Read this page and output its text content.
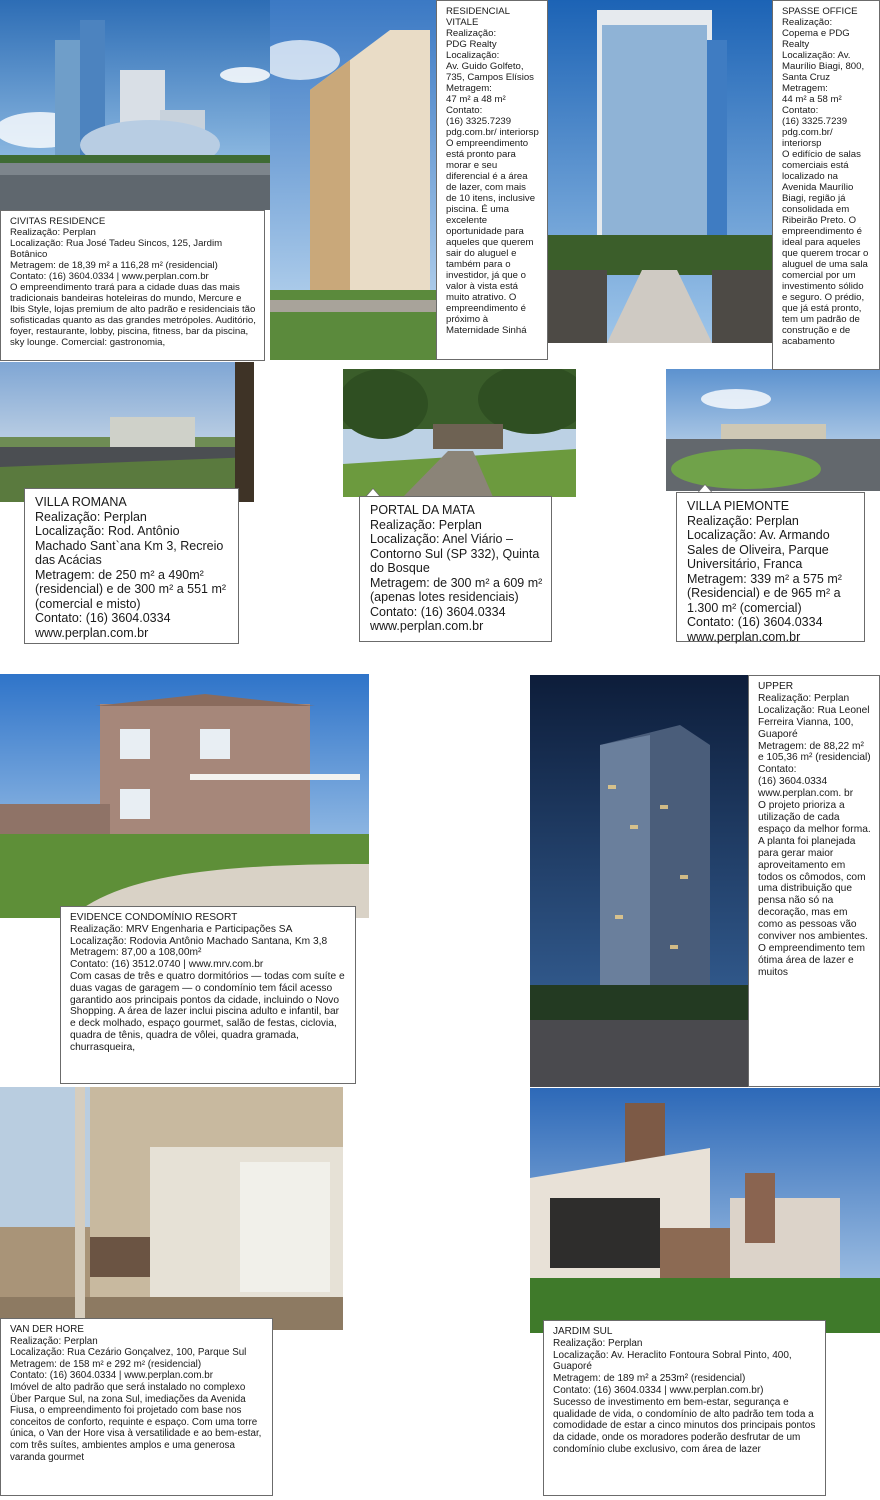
CIVITAS RESIDENCE
Realização: Perplan
Localização: Rua José Tadeu Sincos, 125, Jardim Botânico
Metragem: de 18,39 m² a 116,28 m² (residencial)
Contato: (16) 3604.0334 | www.perplan.com.br
O empreendimento trará para a cidade duas das mais tradicionais bandeiras hoteleiras do mundo, Mercure e Ibis Style, lojas premium de alto padrão e residenciais tão sofisticadas quanto as das grandes metrópoles. Auditório, foyer, restaurante, lobby, piscina, fitness, bar da piscina, sky lounge. Comercial: gastronomia,
RESIDENCIAL VITALE
Realização:
PDG Realty
Localização:
Av. Guido Golfeto, 735, Campos Elísios
Metragem:
47 m² a 48 m²
Contato:
(16) 3325.7239
pdg.com.br/ interiorsp
O empreendimento está pronto para morar e seu diferencial é a área de lazer, com mais de 10 itens, inclusive piscina. É uma excelente oportunidade para aqueles que querem sair do aluguel e também para o investidor, já que o valor à vista está muito atrativo. O empreendimento é próximo à Maternidade Sinhá
SPASSE OFFICE
Realização: Copema e PDG Realty
Localização: Av. Maurílio Biagi, 800, Santa Cruz
Metragem:
44 m² a 58 m²
Contato:
(16) 3325.7239
pdg.com.br/ interiorsp
O edifício de salas comerciais está localizado na Avenida Maurílio Biagi, região já consolidada em Ribeirão Preto. O empreendimento é ideal para aqueles que querem trocar o aluguel de uma sala comercial por um investimento sólido e seguro. O prédio, que já está pronto, tem um padrão de construção e de acabamento
VILLA ROMANA
Realização: Perplan
Localização: Rod. Antônio Machado Sant`ana Km 3, Recreio das Acácias
Metragem: de 250 m² a 490m² (residencial) e de 300 m² a 551 m² (comercial e misto)
Contato: (16) 3604.0334
www.perplan.com.br
PORTAL DA MATA
Realização: Perplan
Localização: Anel Viário – Contorno Sul (SP 332), Quinta do Bosque
Metragem: de 300 m² a 609 m² (apenas lotes residenciais)
Contato: (16) 3604.0334
www.perplan.com.br
VILLA PIEMONTE
Realização: Perplan
Localização: Av. Armando Sales de Oliveira, Parque Universitário, Franca
Metragem: 339 m² a 575 m² (Residencial) e de 965 m² a 1.300 m² (comercial)
Contato: (16) 3604.0334
www.perplan.com.br
EVIDENCE CONDOMÍNIO RESORT
Realização: MRV Engenharia e Participações SA
Localização: Rodovia Antônio Machado Santana, Km 3,8
Metragem: 87,00 a 108,00m²
Contato: (16) 3512.0740 | www.mrv.com.br
Com casas de três e quatro dormitórios — todas com suíte e duas vagas de garagem — o condomínio tem fácil acesso garantido aos principais pontos da cidade, incluindo o Novo Shopping. A área de lazer inclui piscina adulto e infantil, bar e deck molhado, espaço gourmet, salão de festas, ciclovia, quadra de tênis, quadra de vôlei, quadra gramada, churrasqueira,
UPPER
Realização: Perplan
Localização: Rua Leonel Ferreira Vianna, 100, Guaporé
Metragem: de 88,22 m² e 105,36 m² (residencial)
Contato:
(16) 3604.0334
www.perplan.com. br
O projeto prioriza a utilização de cada espaço da melhor forma. A planta foi planejada para gerar maior aproveitamento em todos os cômodos, com uma distribuição que pensa não só na decoração, mas em como as pessoas vão conviver nos ambientes. O empreendimento tem ótima área de lazer e muitos
VAN DER HORE
Realização: Perplan
Localização: Rua Cezário Gonçalvez, 100, Parque Sul
Metragem: de 158 m² e 292 m² (residencial)
Contato: (16) 3604.0334 | www.perplan.com.br
Imóvel de alto padrão que será instalado no complexo Über Parque Sul, na zona Sul, imediações da Avenida Fiusa, o empreendimento foi projetado com base nos conceitos de conforto, requinte e espaço. Com uma torre única, o Van der Hore visa à versatilidade e ao bem-estar, com três suítes, ambientes amplos e uma generosa varanda gourmet
JARDIM SUL
Realização: Perplan
Localização: Av. Heraclito Fontoura Sobral Pinto, 400, Guaporé
Metragem: de 189 m² a 253m² (residencial)
Contato: (16) 3604.0334 | www.perplan.com.br)
Sucesso de investimento em bem-estar, segurança e qualidade de vida, o condomínio de alto padrão tem toda a comodidade de estar a cinco minutos dos principais pontos da cidade, onde os moradores poderão desfrutar de um condomínio clube exclusivo, com área de lazer
